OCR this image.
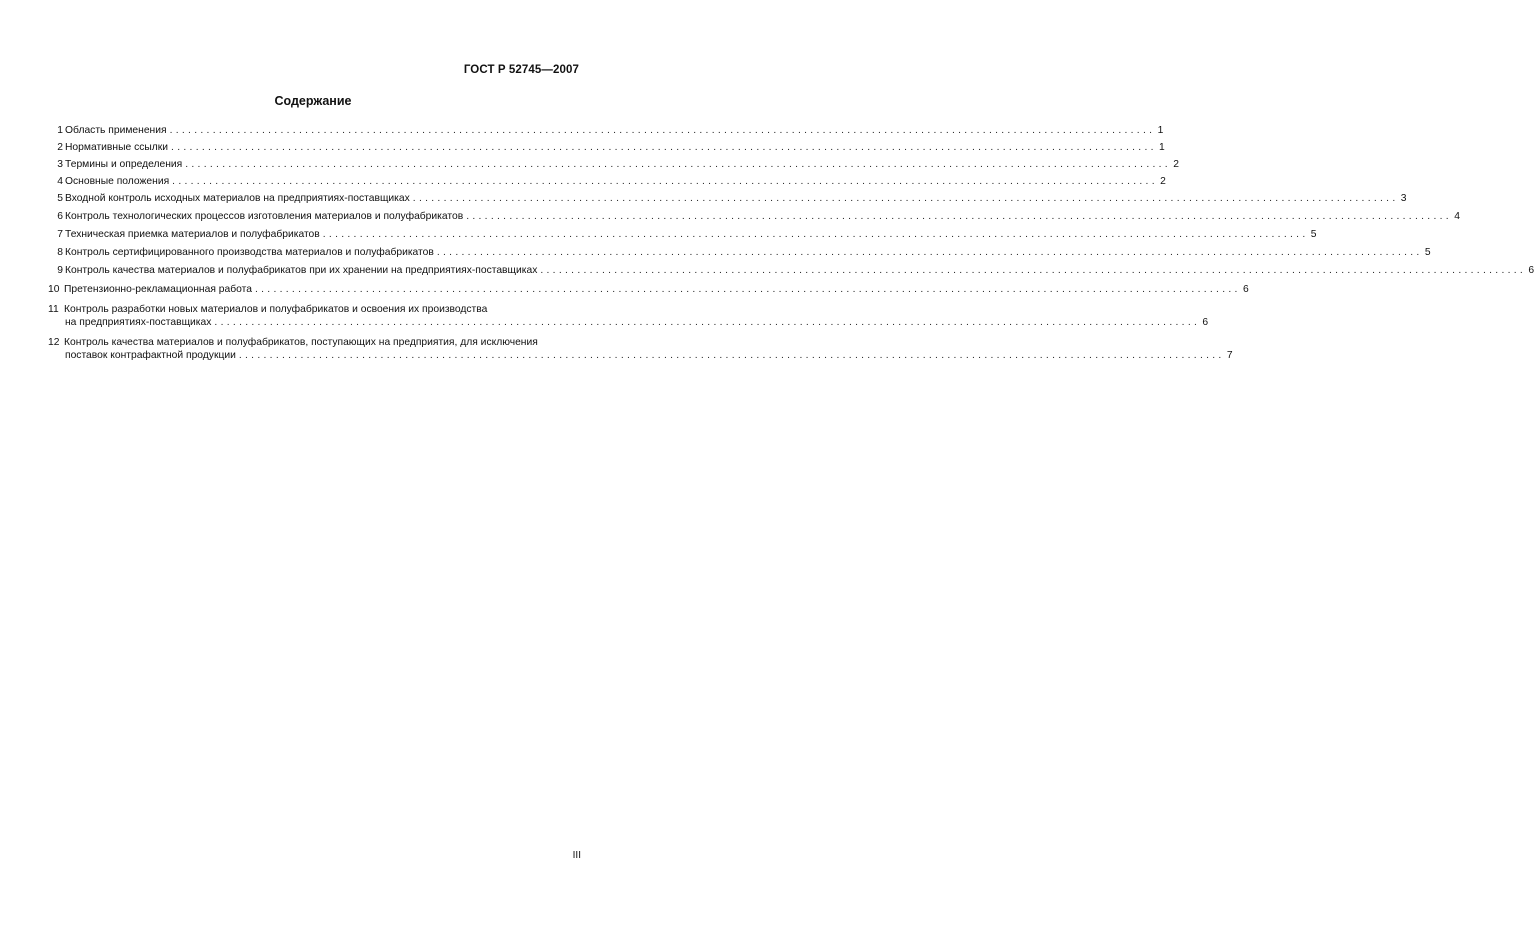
ГОСТ Р 52745—2007
Содержание
1 Область применения ................................................................................................................................................................ 1
2 Нормативные ссылки ................................................................................................................................................................ 1
3 Термины и определения ................................................................................................................................................................ 2
4 Основные положения ................................................................................................................................................................ 2
5 Входной контроль исходных материалов на предприятиях-поставщиках ................................................................................................................................................................ 3
6 Контроль технологических процессов изготовления материалов и полуфабрикатов ................................................................................................................................................................ 4
7 Техническая приемка материалов и полуфабрикатов ................................................................................................................................................................ 5
8 Контроль сертифицированного производства материалов и полуфабрикатов ................................................................................................................................................................ 5
9 Контроль качества материалов и полуфабрикатов при их хранении на предприятиях-поставщиках ................................................................................................................................................................ 6
10 Претензионно-рекламационная работа ................................................................................................................................................................ 6
11 Контроль разработки новых материалов и полуфабрикатов и освоения их производства
на предприятиях-поставщиках ................................................................................................................................................................ 6
12 Контроль качества материалов и полуфабрикатов, поступающих на предприятия, для исключения
поставок контрафактной продукции ................................................................................................................................................................ 7
III
